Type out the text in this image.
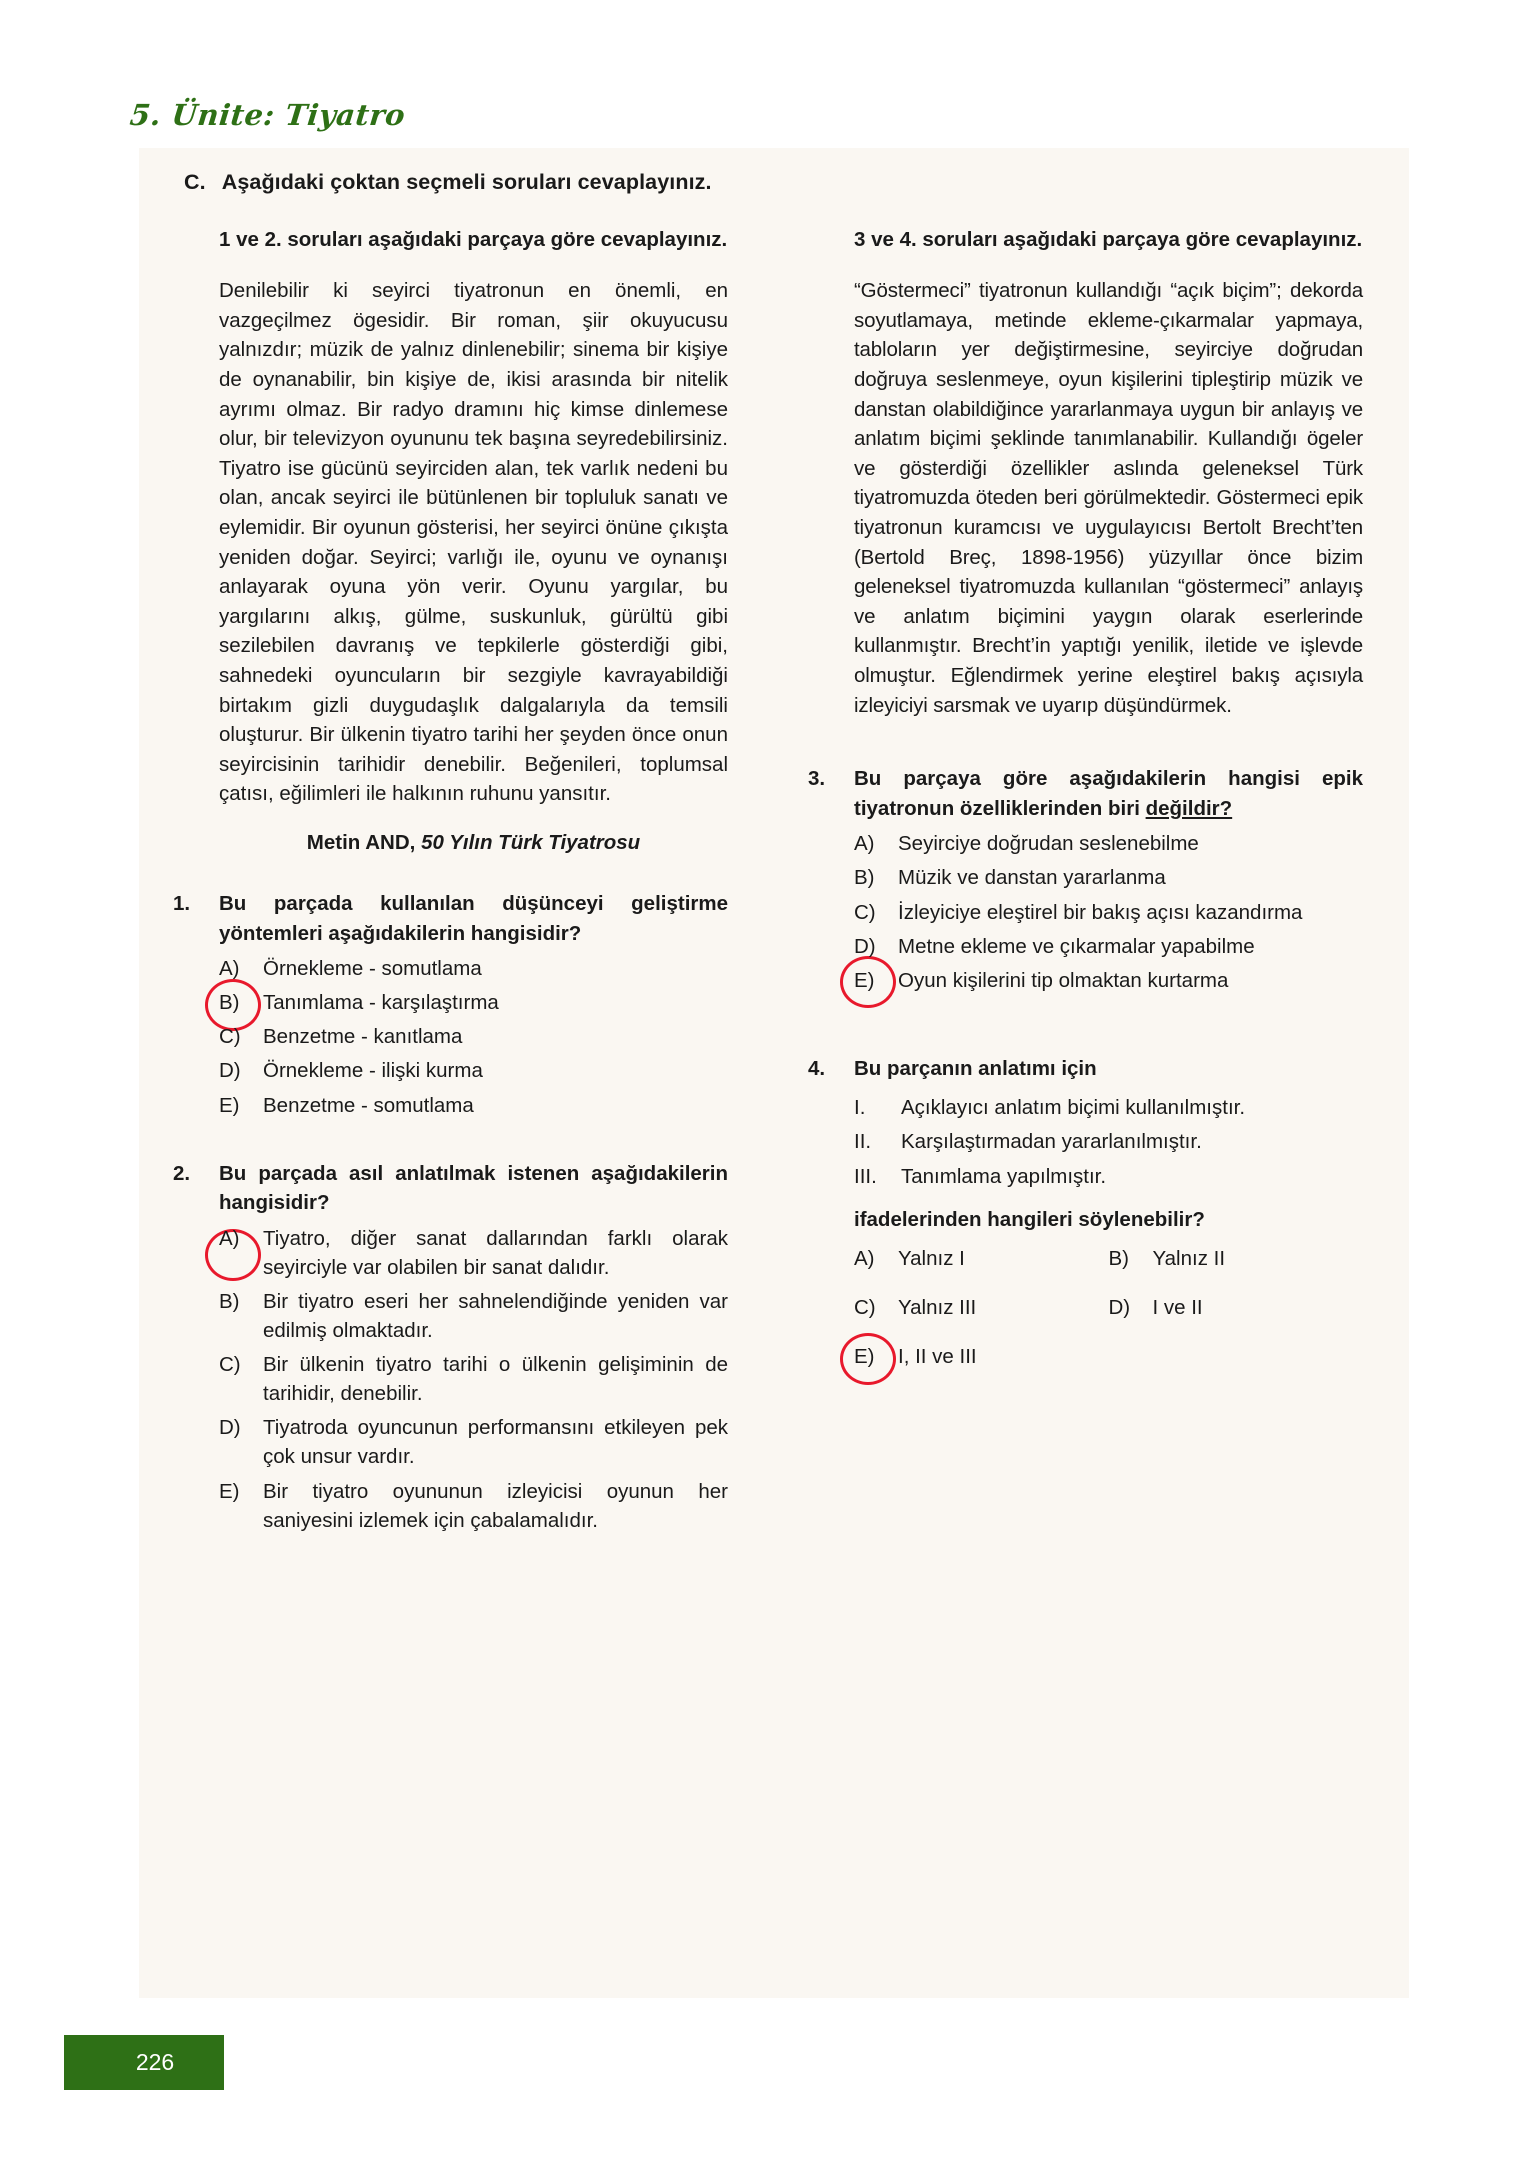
5. Ünite: Tiyatro
C. Aşağıdaki çoktan seçmeli soruları cevaplayınız.

1 ve 2. soruları aşağıdaki parçaya göre cevaplayınız.

Denilebilir ki seyirci tiyatronun en önemli, en vazgeçilmez ögesidir. Bir roman, şiir okuyucusu yalnızdır; müzik de yalnız dinlenebilir; sinema bir kişiye de oynanabilir, bin kişiye de, ikisi arasında bir nitelik ayrımı olmaz. Bir radyo dramını hiç kimse dinlemese olur, bir televizyon oyununu tek başına seyredebilirsiniz. Tiyatro ise gücünü seyirciden alan, tek varlık nedeni bu olan, ancak seyirci ile bütünlenen bir topluluk sanatı ve eylemidir. Bir oyunun gösterisi, her seyirci önüne çıkışta yeniden doğar. Seyirci; varlığı ile, oyunu ve oynanışı anlayarak oyuna yön verir. Oyunu yargılar, bu yargılarını alkış, gülme, suskunluk, gürültü gibi sezilebilen davranış ve tepkilerle gösterdiği gibi, sahnedeki oyuncuların bir sezgiyle kavrayabildiği birtakım gizli duygudaşlık dalgalarıyla da temsili oluşturur. Bir ülkenin tiyatro tarihi her şeyden önce onun seyircisinin tarihidir denebilir. Beğenileri, toplumsal çatısı, eğilimleri ile halkının ruhunu yansıtır.

Metin AND, 50 Yılın Türk Tiyatrosu

1.	Bu parçada kullanılan düşünceyi geliştirme yöntemleri aşağıdakilerin hangisidir?

A)	Örnekleme - somutlama
B)	Tanımlama - karşılaştırma
C)	Benzetme - kanıtlama
D)	Örnekleme - ilişki kurma
E)	Benzetme - somutlama
2.	Bu parçada asıl anlatılmak istenen aşağıdakilerin hangisidir?

A)	Tiyatro, diğer sanat dallarından farklı olarak seyirciyle var olabilen bir sanat dalıdır.
B)	Bir tiyatro eseri her sahnelendiğinde yeniden var edilmiş olmaktadır.
C)	Bir ülkenin tiyatro tarihi o ülkenin gelişiminin de tarihidir, denebilir.
D)	Tiyatroda oyuncunun performansını etkileyen pek çok unsur vardır.
E)	Bir tiyatro oyununun izleyicisi oyunun her saniyesini izlemek için çabalamalıdır.

3 ve 4. soruları aşağıdaki parçaya göre cevaplayınız.

“Göstermeci” tiyatronun kullandığı “açık biçim”; dekorda soyutlamaya, metinde ekleme-çıkarmalar yapmaya, tabloların yer değiştirmesine, seyirciye doğrudan doğruya seslenmeye, oyun kişilerini tipleştirip müzik ve danstan olabildiğince yararlanmaya uygun bir anlayış ve anlatım biçimi şeklinde tanımlanabilir. Kullandığı ögeler ve gösterdiği özellikler aslında geleneksel Türk tiyatromuzda öteden beri görülmektedir. Göstermeci epik tiyatronun kuramcısı ve uygulayıcısı Bertolt Brecht’ten (Bertold Breç, 1898-1956) yüzyıllar önce bizim geleneksel tiyatromuzda kullanılan “göstermeci” anlayış ve anlatım biçimini yaygın olarak eserlerinde kullanmıştır. Brecht’in yaptığı yenilik, iletide ve işlevde olmuştur. Eğlendirmek yerine eleştirel bakış açısıyla izleyiciyi sarsmak ve uyarıp düşündürmek.

3.	Bu parçaya göre aşağıdakilerin hangisi epik tiyatronun özelliklerinden biri değildir?

A)	Seyirciye doğrudan seslenebilme
B)	Müzik ve danstan yararlanma
C)	İzleyiciye eleştirel bir bakış açısı kazandırma
D)	Metne ekleme ve çıkarmalar yapabilme
E)	Oyun kişilerini tip olmaktan kurtarma
4.	Bu parçanın anlatımı için

I.	Açıklayıcı anlatım biçimi kullanılmıştır.
II.	Karşılaştırmadan yararlanılmıştır.
III.	Tanımlama yapılmıştır.

ifadelerinden hangileri söylenebilir?

A)	Yalnız I	B)	Yalnız II
C)	Yalnız III	D)	I ve II
E)	I, II ve III
226
